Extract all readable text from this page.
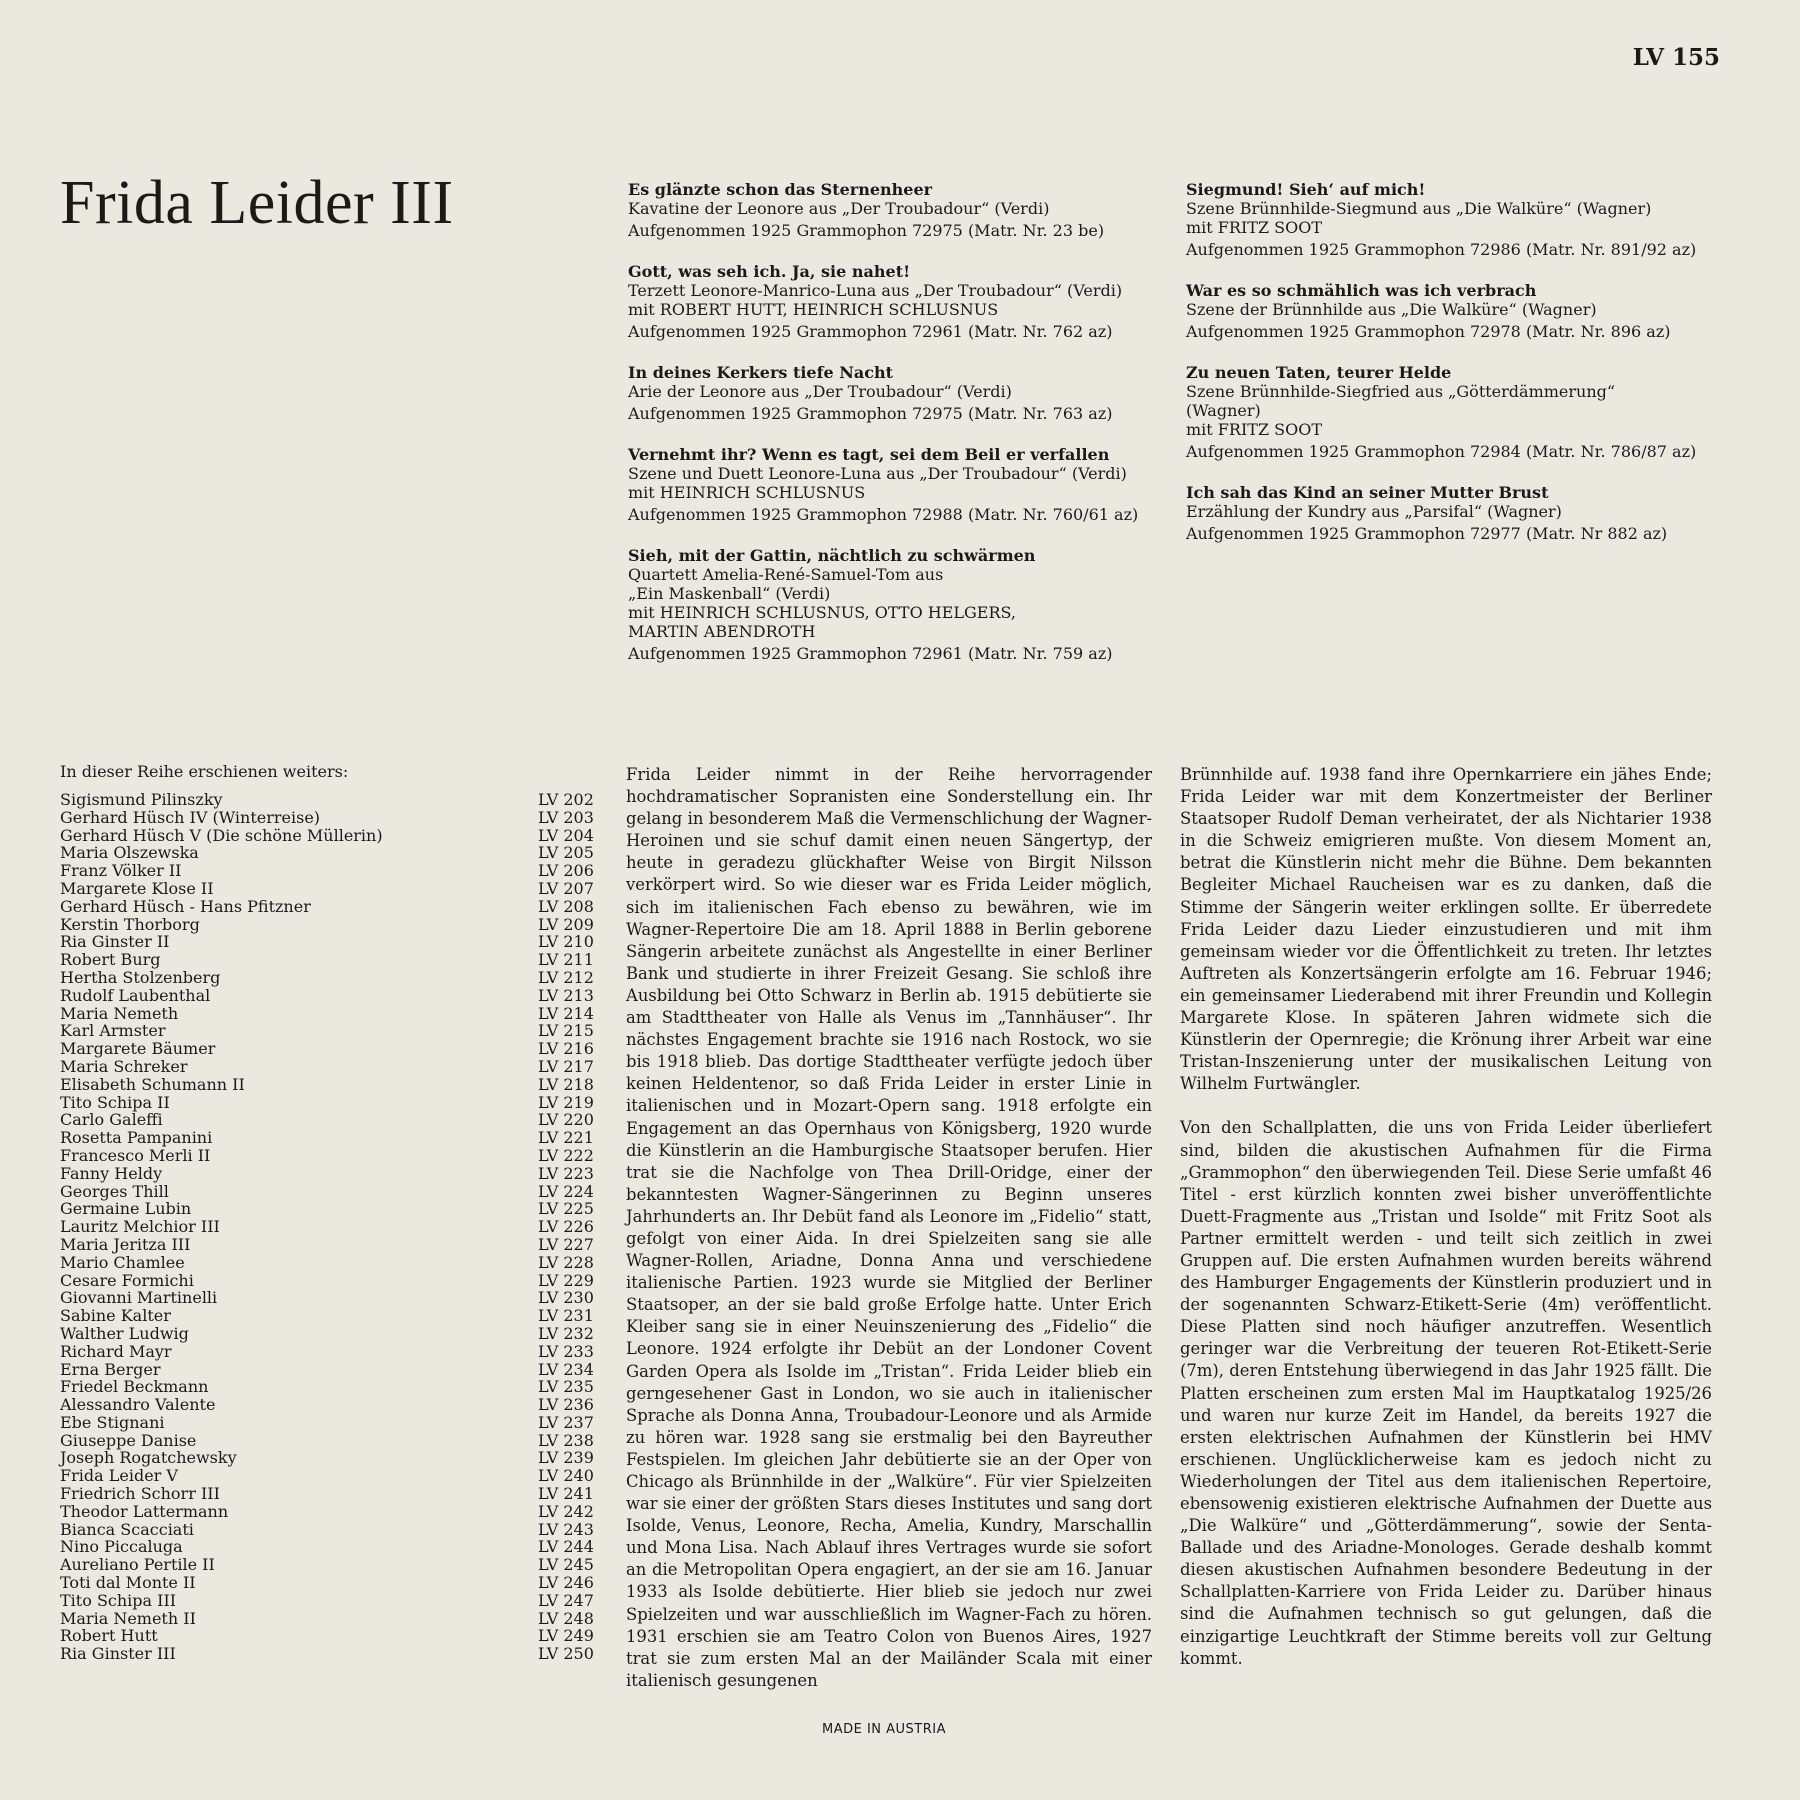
LV 155
Frida Leider III	Es glänzte schon das Sternenheer
Kavatine der Leonore aus „Der Troubadour“ (Verdi)
Aufgenommen 1925 Grammophon 72975 (Matr. Nr. 23 be)
Gott, was seh ich. Ja, sie nahet!
Terzett Leonore-Manrico-Luna aus „Der Troubadour“ (Verdi)
mit ROBERT HUTT, HEINRICH SCHLUSNUS
Aufgenommen 1925 Grammophon 72961 (Matr. Nr. 762 az)
In deines Kerkers tiefe Nacht
Arie der Leonore aus „Der Troubadour“ (Verdi)
Aufgenommen 1925 Grammophon 72975 (Matr. Nr. 763 az)
Vernehmt ihr? Wenn es tagt, sei dem Beil er verfallen
Szene und Duett Leonore-Luna aus „Der Troubadour“ (Verdi)
mit HEINRICH SCHLUSNUS
Aufgenommen 1925 Grammophon 72988 (Matr. Nr. 760/61 az)
Sieh, mit der Gattin, nächtlich zu schwärmen
Quartett Amelia-René-Samuel-Tom aus
„Ein Maskenball“ (Verdi)
mit HEINRICH SCHLUSNUS, OTTO HELGERS,
MARTIN ABENDROTH
Aufgenommen 1925 Grammophon 72961 (Matr. Nr. 759 az)
Siegmund! Sieh‘ auf mich!
Szene Brünnhilde-Siegmund aus „Die Walküre“ (Wagner)
mit FRITZ SOOT
Aufgenommen 1925 Grammophon 72986 (Matr. Nr. 891/92 az)
War es so schmählich was ich verbrach
Szene der Brünnhilde aus „Die Walküre“ (Wagner)
Aufgenommen 1925 Grammophon 72978 (Matr. Nr. 896 az)
Zu neuen Taten, teurer Helde
Szene Brünnhilde-Siegfried aus „Götterdämmerung“
(Wagner)
mit FRITZ SOOT
Aufgenommen 1925 Grammophon 72984 (Matr. Nr. 786/87 az)
Ich sah das Kind an seiner Mutter Brust
Erzählung der Kundry aus „Parsifal“ (Wagner)
Aufgenommen 1925 Grammophon 72977 (Matr. Nr 882 az)
In dieser Reihe erschienen weiters:
Sigismund Pilinszky	LV 202
Gerhard Hüsch IV (Winterreise)	LV 203
Gerhard Hüsch V (Die schöne Müllerin)	LV 204
Maria Olszewska	LV 205
Franz Völker II	LV 206
Margarete Klose II	LV 207
Gerhard Hüsch - Hans Pfitzner	LV 208
Kerstin Thorborg	LV 209
Ria Ginster II	LV 210
Robert Burg	LV 211
Hertha Stolzenberg	LV 212
Rudolf Laubenthal	LV 213
Maria Nemeth	LV 214
Karl Armster	LV 215
Margarete Bäumer	LV 216
Maria Schreker	LV 217
Elisabeth Schumann II	LV 218
Tito Schipa II	LV 219
Carlo Galeffi	LV 220
Rosetta Pampanini	LV 221
Francesco Merli II	LV 222
Fanny Heldy	LV 223
Georges Thill	LV 224
Germaine Lubin	LV 225
Lauritz Melchior III	LV 226
Maria Jeritza III	LV 227
Mario Chamlee	LV 228
Cesare Formichi	LV 229
Giovanni Martinelli	LV 230
Sabine Kalter	LV 231
Walther Ludwig	LV 232
Richard Mayr	LV 233
Erna Berger	LV 234
Friedel Beckmann	LV 235
Alessandro Valente	LV 236
Ebe Stignani	LV 237
Giuseppe Danise	LV 238
Joseph Rogatchewsky	LV 239
Frida Leider V	LV 240
Friedrich Schorr III	LV 241
Theodor Lattermann	LV 242
Bianca Scacciati	LV 243
Nino Piccaluga	LV 244
Aureliano Pertile II	LV 245
Toti dal Monte II	LV 246
Tito Schipa III	LV 247
Maria Nemeth II	LV 248
Robert Hutt	LV 249
Ria Ginster III	LV 250

Frida Leider nimmt in der Reihe hervorragender hochdramatischer Sopranisten eine Sonderstellung ein. Ihr gelang in besonderem Maß die Vermenschlichung der Wagner-Heroinen und sie schuf damit einen neuen Sängertyp, der heute in geradezu glückhafter Weise von Birgit Nilsson verkörpert wird. So wie dieser war es Frida Leider möglich, sich im italienischen Fach ebenso zu bewähren, wie im Wagner-Repertoire Die am 18. April 1888 in Berlin geborene Sängerin arbeitete zunächst als Angestellte in einer Berliner Bank und studierte in ihrer Freizeit Gesang. Sie schloß ihre Ausbildung bei Otto Schwarz in Berlin ab. 1915 debütierte sie am Stadttheater von Halle als Venus im „Tannhäuser“. Ihr nächstes Engagement brachte sie 1916 nach Rostock, wo sie bis 1918 blieb. Das dortige Stadttheater verfügte jedoch über keinen Heldentenor, so daß Frida Leider in erster Linie in italienischen und in Mozart-Opern sang. 1918 erfolgte ein Engagement an das Opernhaus von Königsberg, 1920 wurde die Künstlerin an die Hamburgische Staatsoper berufen. Hier trat sie die Nachfolge von Thea Drill-Oridge, einer der bekanntesten Wagner-Sängerinnen zu Beginn unseres Jahrhunderts an. Ihr Debüt fand als Leonore im „Fidelio“ statt, gefolgt von einer Aida. In drei Spielzeiten sang sie alle Wagner-Rollen, Ariadne, Donna Anna und verschiedene italienische Partien. 1923 wurde sie Mitglied der Berliner Staatsoper, an der sie bald große Erfolge hatte. Unter Erich Kleiber sang sie in einer Neuinszenierung des „Fidelio“ die Leonore. 1924 erfolgte ihr Debüt an der Londoner Covent Garden Opera als Isolde im „Tristan“. Frida Leider blieb ein gerngesehener Gast in London, wo sie auch in italienischer Sprache als Donna Anna, Troubadour-Leonore und als Armide zu hören war. 1928 sang sie erstmalig bei den Bayreuther Festspielen. Im gleichen Jahr debütierte sie an der Oper von Chicago als Brünnhilde in der „Walküre“. Für vier Spielzeiten war sie einer der größten Stars dieses Institutes und sang dort Isolde, Venus, Leonore, Recha, Amelia, Kundry, Marschallin und Mona Lisa. Nach Ablauf ihres Vertrages wurde sie sofort an die Metropolitan Opera engagiert, an der sie am 16. Januar 1933 als Isolde debütierte. Hier blieb sie jedoch nur zwei Spielzeiten und war ausschließlich im Wagner-Fach zu hören. 1931 erschien sie am Teatro Colon von Buenos Aires, 1927 trat sie zum ersten Mal an der Mailänder Scala mit einer italienisch gesungenen

Brünnhilde auf. 1938 fand ihre Opernkarriere ein jähes Ende; Frida Leider war mit dem Konzertmeister der Berliner Staatsoper Rudolf Deman verheiratet, der als Nichtarier 1938 in die Schweiz emigrieren mußte. Von diesem Moment an, betrat die Künstlerin nicht mehr die Bühne. Dem bekannten Begleiter Michael Raucheisen war es zu danken, daß die Stimme der Sängerin weiter erklingen sollte. Er überredete Frida Leider dazu Lieder einzustudieren und mit ihm gemeinsam wieder vor die Öffentlichkeit zu treten. Ihr letztes Auftreten als Konzertsängerin erfolgte am 16. Februar 1946; ein gemeinsamer Liederabend mit ihrer Freundin und Kollegin Margarete Klose. In späteren Jahren widmete sich die Künstlerin der Opernregie; die Krönung ihrer Arbeit war eine Tristan-Inszenierung unter der musikalischen Leitung von Wilhelm Furtwängler.

Von den Schallplatten, die uns von Frida Leider überliefert sind, bilden die akustischen Aufnahmen für die Firma „Grammophon“ den überwiegenden Teil. Diese Serie umfaßt 46 Titel - erst kürzlich konnten zwei bisher unveröffentlichte Duett-Fragmente aus „Tristan und Isolde“ mit Fritz Soot als Partner ermittelt werden - und teilt sich zeitlich in zwei Gruppen auf. Die ersten Aufnahmen wurden bereits während des Hamburger Engagements der Künstlerin produziert und in der sogenannten Schwarz-Etikett-Serie (4m) veröffentlicht. Diese Platten sind noch häufiger anzutreffen. Wesentlich geringer war die Verbreitung der teueren Rot-Etikett-Serie (7m), deren Entstehung überwiegend in das Jahr 1925 fällt. Die Platten erscheinen zum ersten Mal im Hauptkatalog 1925/26 und waren nur kurze Zeit im Handel, da bereits 1927 die ersten elektrischen Aufnahmen der Künstlerin bei HMV erschienen. Unglücklicherweise kam es jedoch nicht zu Wiederholungen der Titel aus dem italienischen Repertoire, ebensowenig existieren elektrische Aufnahmen der Duette aus „Die Walküre“ und „Götterdämmerung“, sowie der Senta-Ballade und des Ariadne-Monologes. Gerade deshalb kommt diesen akustischen Aufnahmen besondere Bedeutung in der Schallplatten-Karriere von Frida Leider zu. Darüber hinaus sind die Aufnahmen technisch so gut gelungen, daß die einzigartige Leuchtkraft der Stimme bereits voll zur Geltung kommt.

MADE IN AUSTRIA
